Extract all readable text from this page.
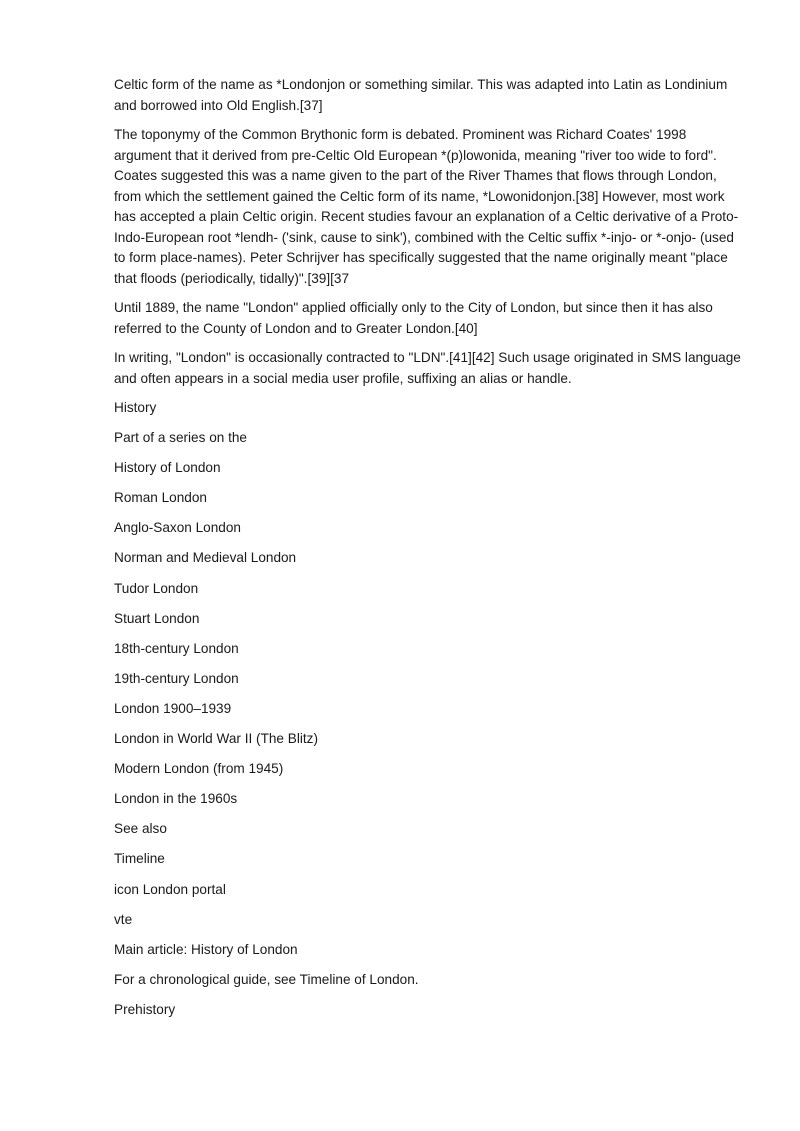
Celtic form of the name as *Londonjon or something similar. This was adapted into Latin as Londinium and borrowed into Old English.[37]

The toponymy of the Common Brythonic form is debated. Prominent was Richard Coates' 1998 argument that it derived from pre-Celtic Old European *(p)lowonida, meaning "river too wide to ford". Coates suggested this was a name given to the part of the River Thames that flows through London, from which the settlement gained the Celtic form of its name, *Lowonidonjon.[38] However, most work has accepted a plain Celtic origin. Recent studies favour an explanation of a Celtic derivative of a Proto-Indo-European root *lendh- ('sink, cause to sink'), combined with the Celtic suffix *-injo- or *-onjo- (used to form place-names). Peter Schrijver has specifically suggested that the name originally meant "place that floods (periodically, tidally)".[39][37

Until 1889, the name "London" applied officially only to the City of London, but since then it has also referred to the County of London and to Greater London.[40]

In writing, "London" is occasionally contracted to "LDN".[41][42] Such usage originated in SMS language and often appears in a social media user profile, suffixing an alias or handle.

History
Part of a series on the
History of London
Roman London
Anglo-Saxon London
Norman and Medieval London
Tudor London
Stuart London
18th-century London
19th-century London
London 1900–1939
London in World War II (The Blitz)
Modern London (from 1945)
London in the 1960s
See also
Timeline
icon London portal
vte
Main article: History of London
For a chronological guide, see Timeline of London.
Prehistory
